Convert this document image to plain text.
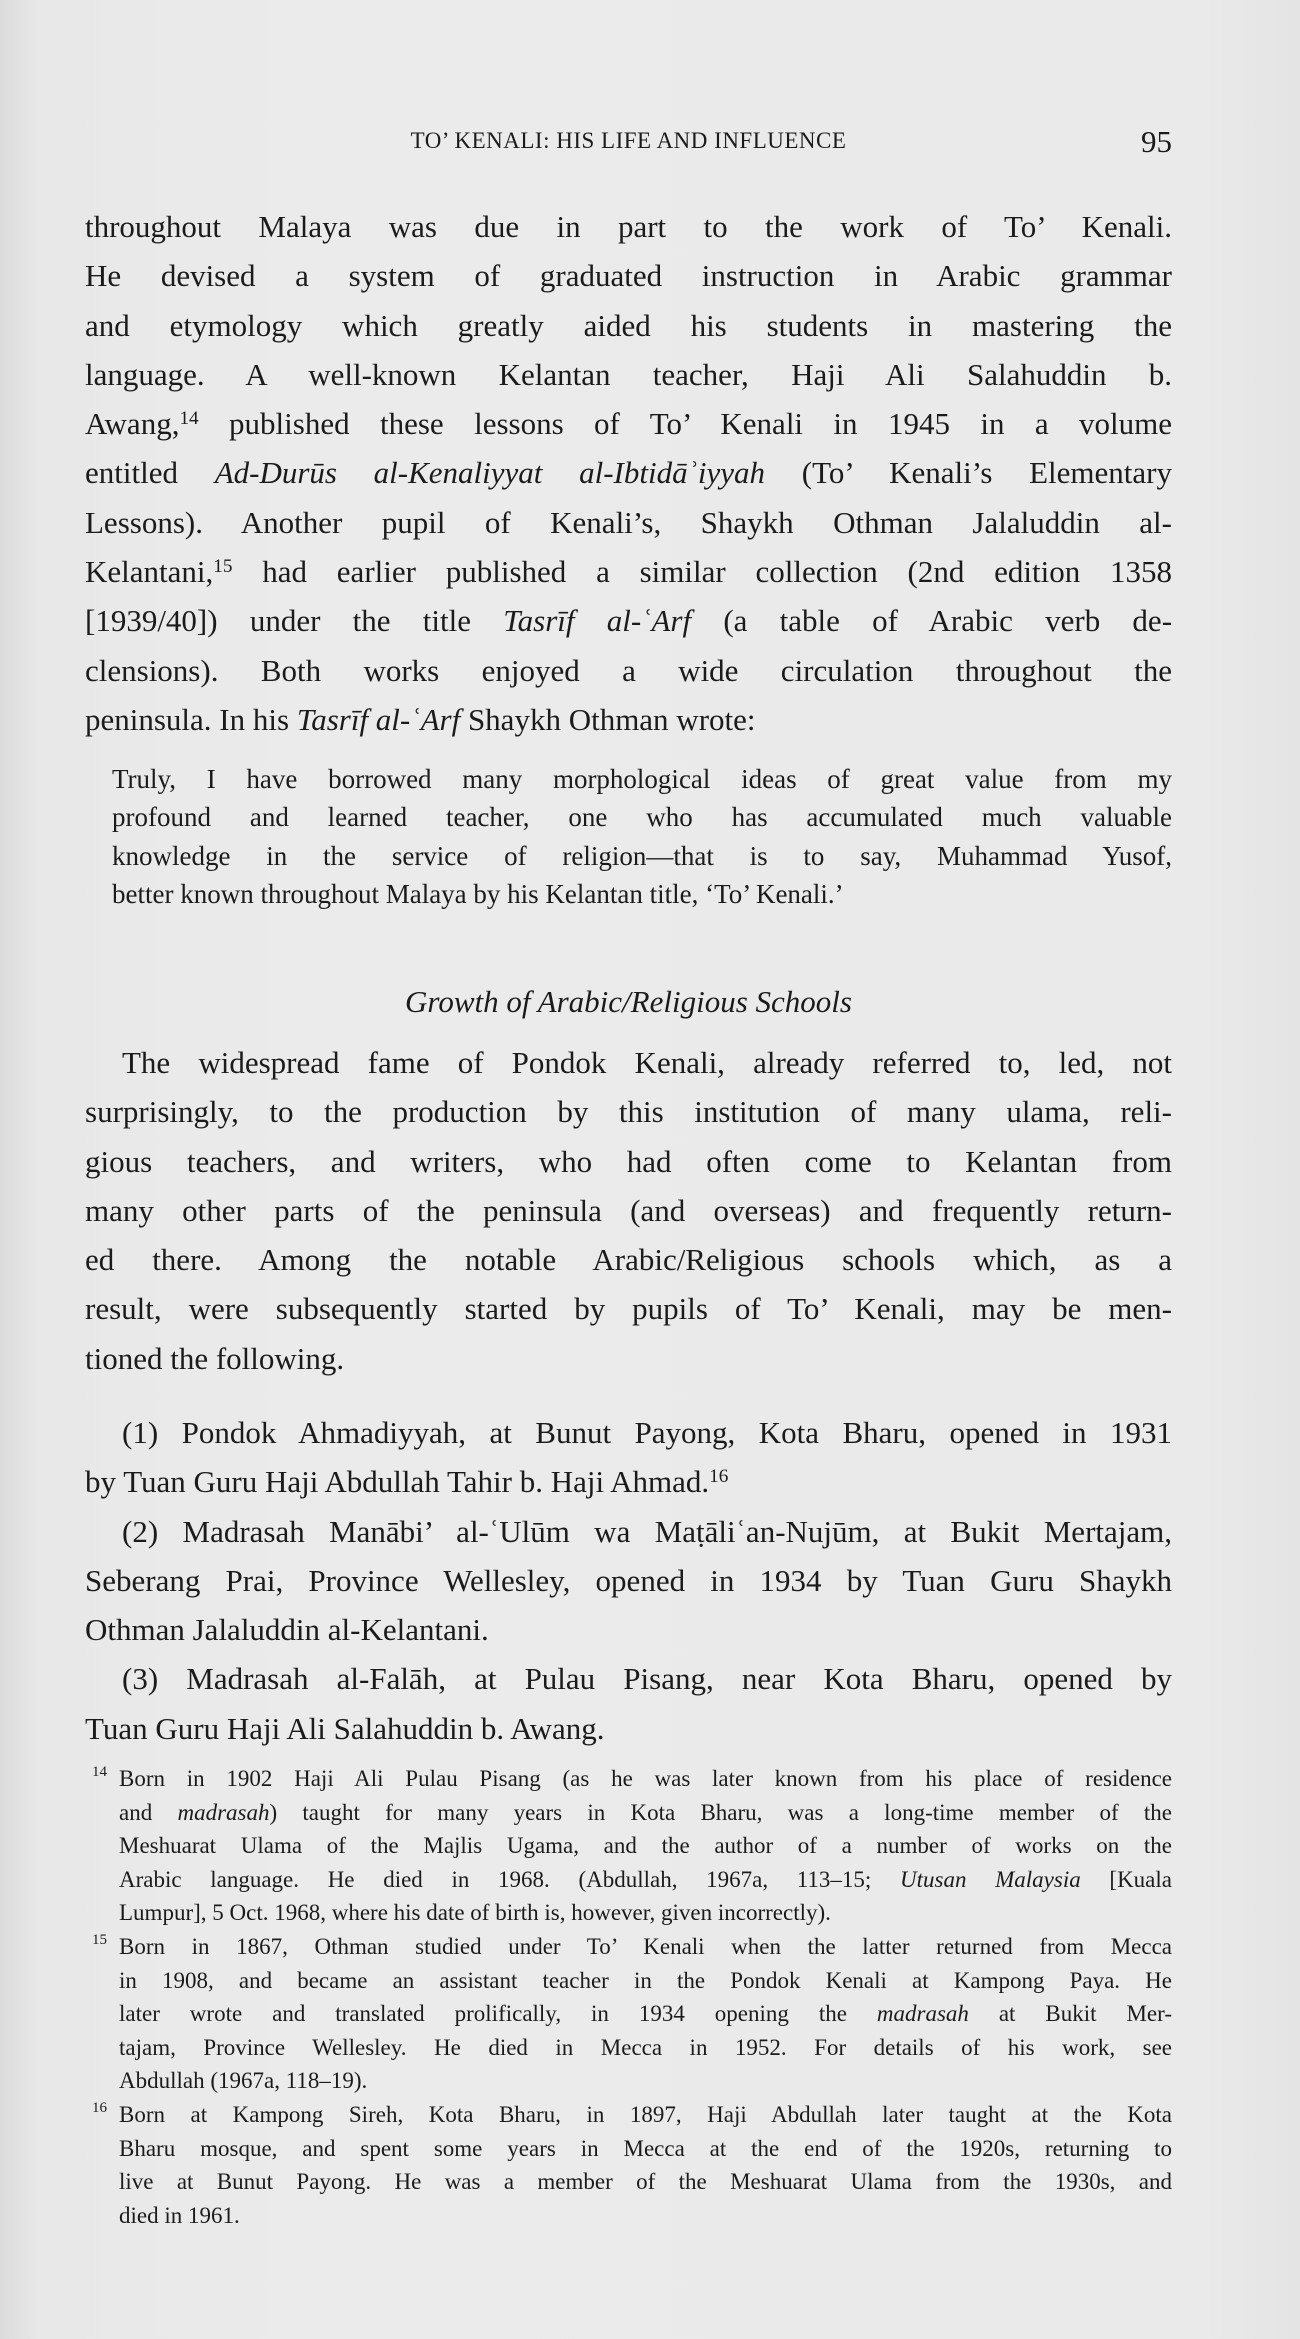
TO’ KENALI: HIS LIFE AND INFLUENCE	95
throughout Malaya was due in part to the work of To’ Kenali.
He devised a system of graduated instruction in Arabic grammar
and etymology which greatly aided his students in mastering the
language. A well-known Kelantan teacher, Haji Ali Salahuddin b.
Awang,$^{14}$ published these lessons of To’ Kenali in 1945 in a volume
entitled Ad-Durūs al-Kenaliyyat al-Ibtidāʾiyyah (To’ Kenali’s Elementary
Lessons). Another pupil of Kenali’s, Shaykh Othman Jalaluddin al-
Kelantani,$^{15}$ had earlier published a similar collection (2nd edition 1358
[1939/40]) under the title Tasrīf al-ʿArf (a table of Arabic verb de-
clensions). Both works enjoyed a wide circulation throughout the
peninsula. In his Tasrīf al-ʿArf Shaykh Othman wrote:
Truly, I have borrowed many morphological ideas of great value from my
profound and learned teacher, one who has accumulated much valuable
knowledge in the service of religion—that is to say, Muhammad Yusof,
better known throughout Malaya by his Kelantan title, ‘To’ Kenali.’
Growth of Arabic/Religious Schools
The widespread fame of Pondok Kenali, already referred to, led, not
surprisingly, to the production by this institution of many ulama, reli-
gious teachers, and writers, who had often come to Kelantan from
many other parts of the peninsula (and overseas) and frequently return-
ed there. Among the notable Arabic/Religious schools which, as a
result, were subsequently started by pupils of To’ Kenali, may be men-
tioned the following.
(1) Pondok Ahmadiyyah, at Bunut Payong, Kota Bharu, opened in 1931
by Tuan Guru Haji Abdullah Tahir b. Haji Ahmad.$^{16}$
(2) Madrasah Manābi’ al-ʿUlūm wa Maṭāliʿan-Nujūm, at Bukit Mertajam,
Seberang Prai, Province Wellesley, opened in 1934 by Tuan Guru Shaykh
Othman Jalaluddin al-Kelantani.
(3) Madrasah al-Falāh, at Pulau Pisang, near Kota Bharu, opened by
Tuan Guru Haji Ali Salahuddin b. Awang.
14 Born in 1902 Haji Ali Pulau Pisang (as he was later known from his place of residence
and madrasah) taught for many years in Kota Bharu, was a long-time member of the
Meshuarat Ulama of the Majlis Ugama, and the author of a number of works on the
Arabic language. He died in 1968. (Abdullah, 1967a, 113–15; Utusan Malaysia [Kuala
Lumpur], 5 Oct. 1968, where his date of birth is, however, given incorrectly).
15 Born in 1867, Othman studied under To’ Kenali when the latter returned from Mecca
in 1908, and became an assistant teacher in the Pondok Kenali at Kampong Paya. He
later wrote and translated prolifically, in 1934 opening the madrasah at Bukit Mer-
tajam, Province Wellesley. He died in Mecca in 1952. For details of his work, see
Abdullah (1967a, 118–19).
16 Born at Kampong Sireh, Kota Bharu, in 1897, Haji Abdullah later taught at the Kota
Bharu mosque, and spent some years in Mecca at the end of the 1920s, returning to
live at Bunut Payong. He was a member of the Meshuarat Ulama from the 1930s, and
died in 1961.
